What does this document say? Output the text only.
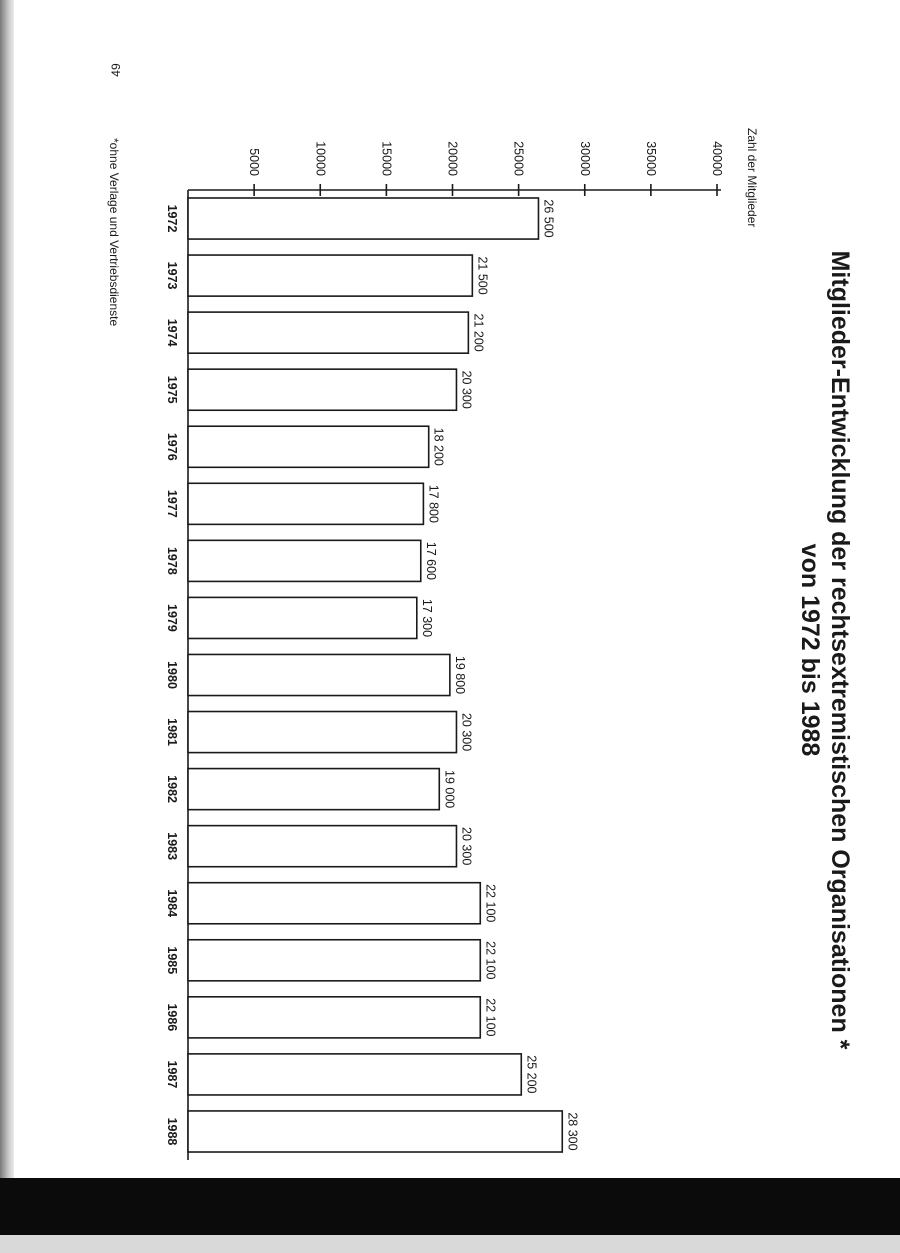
Mitglieder-Entwicklung der rechtsextremistischen Organisationen *
von 1972 bis 1988
Zahl der Mitglieder
5000	10000	15000	20000	25000	30000	35000	40000
1972
1973
1974
1975
1976
1977
1978
1979
1980
1981
1982
1983
1984
1985
1986
1987
1988
26 500
21 500
21 200
20 300
18 200
17 800
17 600
17 300
19 800
20 300
19 000
20 300
22 100
22 100
22 100
25 200
28 300
*ohne Verlage und Vertriebsdienste
49
